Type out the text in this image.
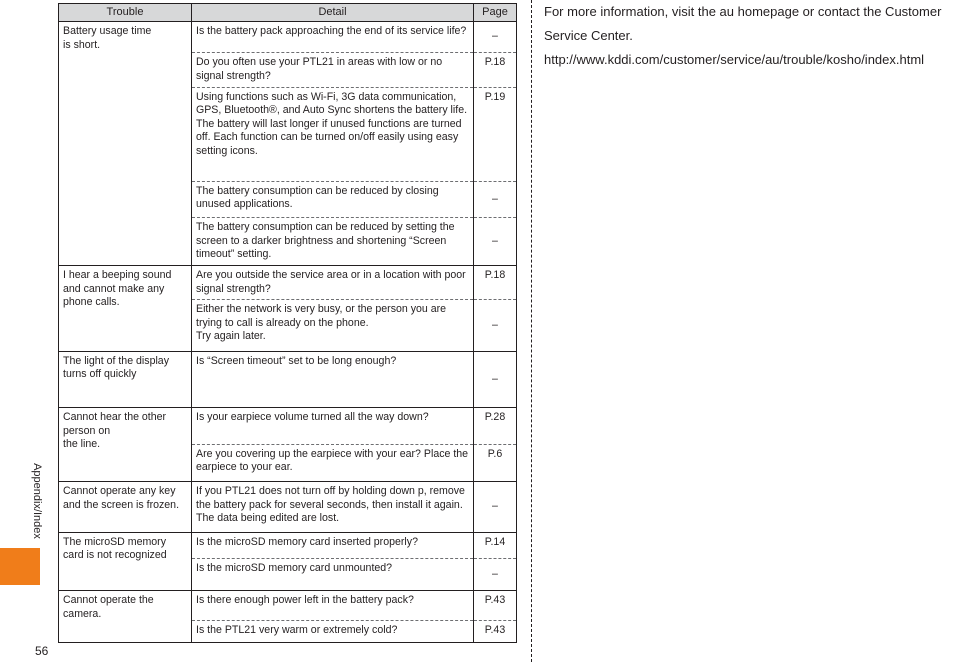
Appendix/Index
56
Trouble	Detail	Page
Battery usage time
is short.	Is the battery pack approaching the end of its service life?	–
	Do you often use your PTL21 in areas with low or no signal strength?	P.18
	Using functions such as Wi-Fi, 3G data communication, GPS, Bluetooth®, and Auto Sync shortens the battery life. The battery will last longer if unused functions are turned off. Each function can be turned on/off easily using easy setting icons.	P.19
	The battery consumption can be reduced by closing unused applications.	–
	The battery consumption can be reduced by setting the screen to a darker brightness and shortening “Screen timeout” setting.	–
I hear a beeping sound and cannot make any phone calls.	Are you outside the service area or in a location with poor signal strength?	P.18
	Either the network is very busy, or the person you are trying to call is already on the phone.
Try again later.	–
The light of the display turns off quickly	Is “Screen timeout” set to be long enough?	–
Cannot hear the other person on
the line.	Is your earpiece volume turned all the way down?	P.28
	Are you covering up the earpiece with your ear? Place the earpiece to your ear.	P.6
Cannot operate any key and the screen is frozen.	If you PTL21 does not turn off by holding down p, remove the battery pack for several seconds, then install it again. The data being edited are lost.	–
The microSD memory card is not recognized	Is the microSD memory card inserted properly?	P.14
	Is the microSD memory card unmounted?	–
Cannot operate the camera.	Is there enough power left in the battery pack?	P.43
	Is the PTL21 very warm or extremely cold?	P.43

For more information, visit the au homepage or contact the Customer Service Center.

http://www.kddi.com/customer/service/au/trouble/kosho/index.html
